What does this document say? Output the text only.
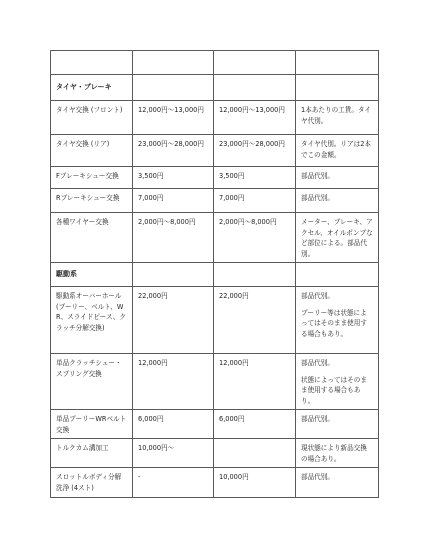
タイヤ・ブレーキ			
タイヤ交換 (フロント)	12,000円〜13,000円	12,000円〜13,000円	1本あたりの工賃。タイヤ代別。

タイヤ交換 (リア)	23,000円〜28,000円	23,000円〜28,000円	タイヤ代別。リアは2本でこの金額。

Fブレーキシュー交換	3,500円	3,500円	部品代別。

Rブレーキシュー交換	7,000円	7,000円	部品代別。

各種ワイヤー交換	2,000円〜8,000円	2,000円〜8,000円	メーター、ブレーキ、アクセル、オイルポンプなど部位による。部品代別。

駆動系			
駆動系オーバーホール (プーリー、ベルト、WR、スライドピース、クラッチ分解交換)	22,000円	22,000円	部品代別。
プーリー等は状態によってはそのまま使用する場合もあり。

単品クラッチシュー・スプリング交換	12,000円	12,000円	部品代別。
状態によってはそのまま使用する場合もあり。

単品プーリーWRベルト交換	6,000円	6,000円	部品代別。

トルクカム溝加工	10,000円〜		現状態により新品交換の場合あり。

スロットルボディ分解洗浄 (4スト)	-	10,000円	部品代別。
